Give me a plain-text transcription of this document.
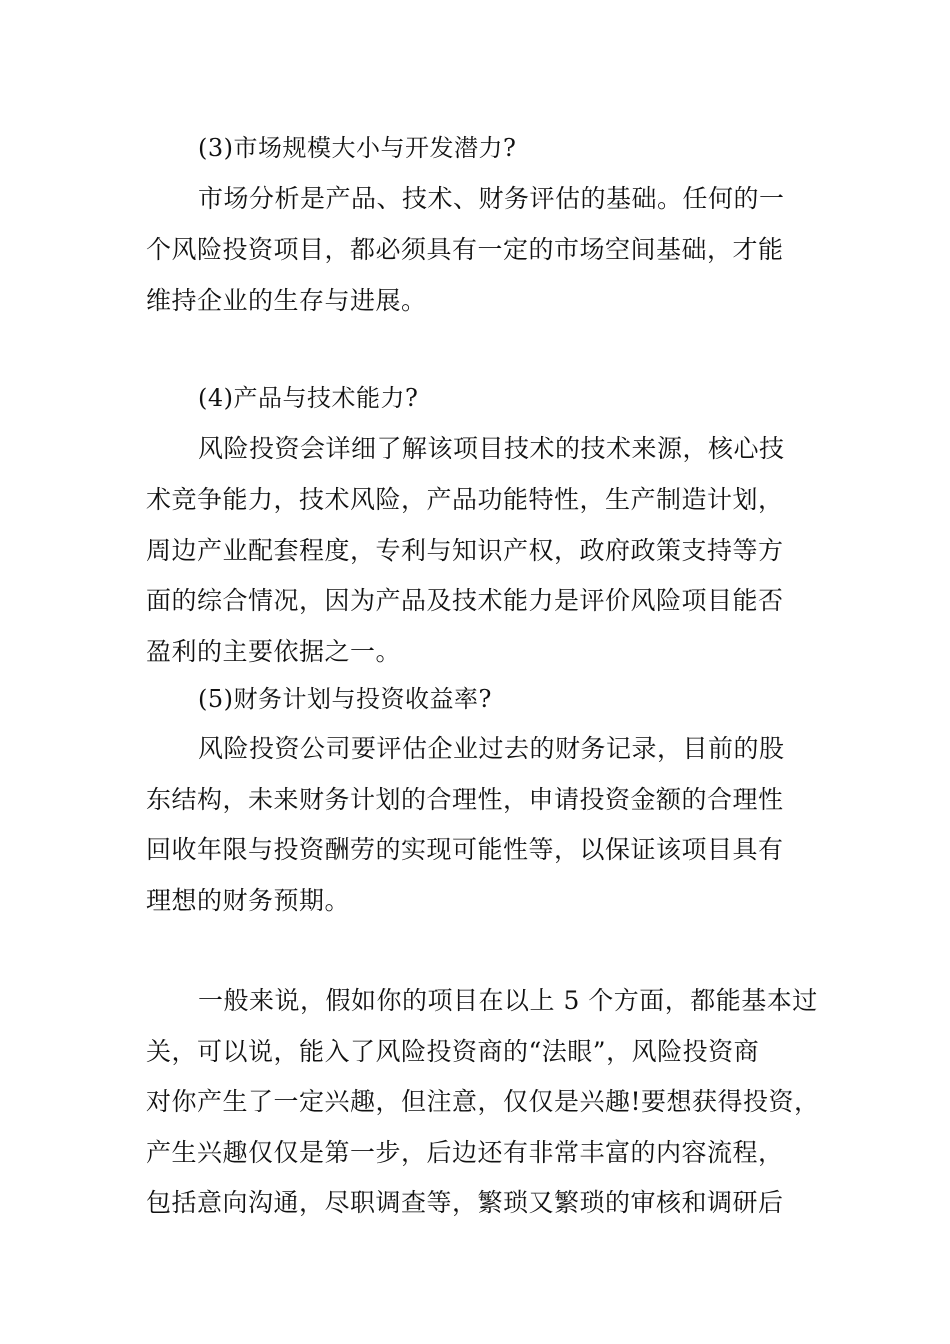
(3)市场规模大小与开发潜力?
市场分析是产品、技术、财务评估的基础。任何的一
个风险投资项目，都必须具有一定的市场空间基础，才能
维持企业的生存与进展。
(4)产品与技术能力?
风险投资会详细了解该项目技术的技术来源，核心技
术竞争能力，技术风险，产品功能特性，生产制造计划，
周边产业配套程度，专利与知识产权，政府政策支持等方
面的综合情况，因为产品及技术能力是评价风险项目能否
盈利的主要依据之一。
(5)财务计划与投资收益率?
风险投资公司要评估企业过去的财务记录，目前的股
东结构，未来财务计划的合理性，申请投资金额的合理性
回收年限与投资酬劳的实现可能性等，以保证该项目具有
理想的财务预期。
一般来说，假如你的项目在以上 5 个方面，都能基本过
关，可以说，能入了风险投资商的“法眼”，风险投资商
对你产生了一定兴趣，但注意，仅仅是兴趣!要想获得投资，
产生兴趣仅仅是第一步，后边还有非常丰富的内容流程，
包括意向沟通，尽职调查等，繁琐又繁琐的审核和调研后
